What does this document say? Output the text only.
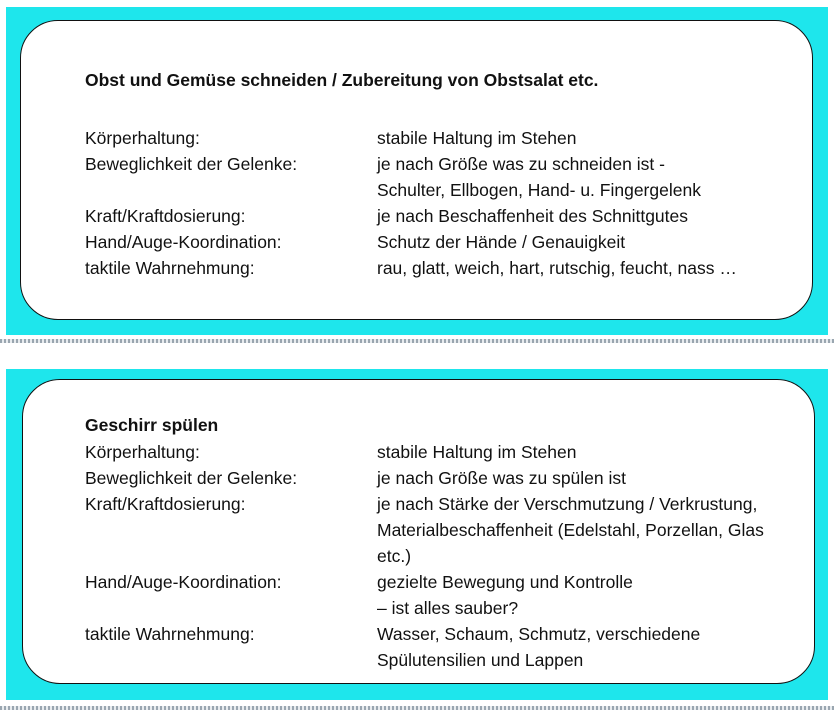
Obst und Gemüse schneiden / Zubereitung von Obstsalat etc.
Körperhaltung:	stabile Haltung im Stehen
Beweglichkeit der Gelenke:	je nach Größe was zu schneiden ist -
Schulter, Ellbogen, Hand- u. Fingergelenk
Kraft/Kraftdosierung:	je nach Beschaffenheit des Schnittgutes
Hand/Auge-Koordination:	Schutz der Hände / Genauigkeit
taktile Wahrnehmung:	rau, glatt, weich, hart, rutschig, feucht, nass …
Geschirr spülen
Körperhaltung:	stabile Haltung im Stehen
Beweglichkeit der Gelenke:	je nach Größe was zu spülen ist
Kraft/Kraftdosierung:	je nach Stärke der Verschmutzung / Verkrustung,
Materialbeschaffenheit (Edelstahl, Porzellan, Glas
etc.)
Hand/Auge-Koordination:	gezielte Bewegung und Kontrolle
– ist alles sauber?
taktile Wahrnehmung:	Wasser, Schaum, Schmutz, verschiedene
Spülutensilien und Lappen
